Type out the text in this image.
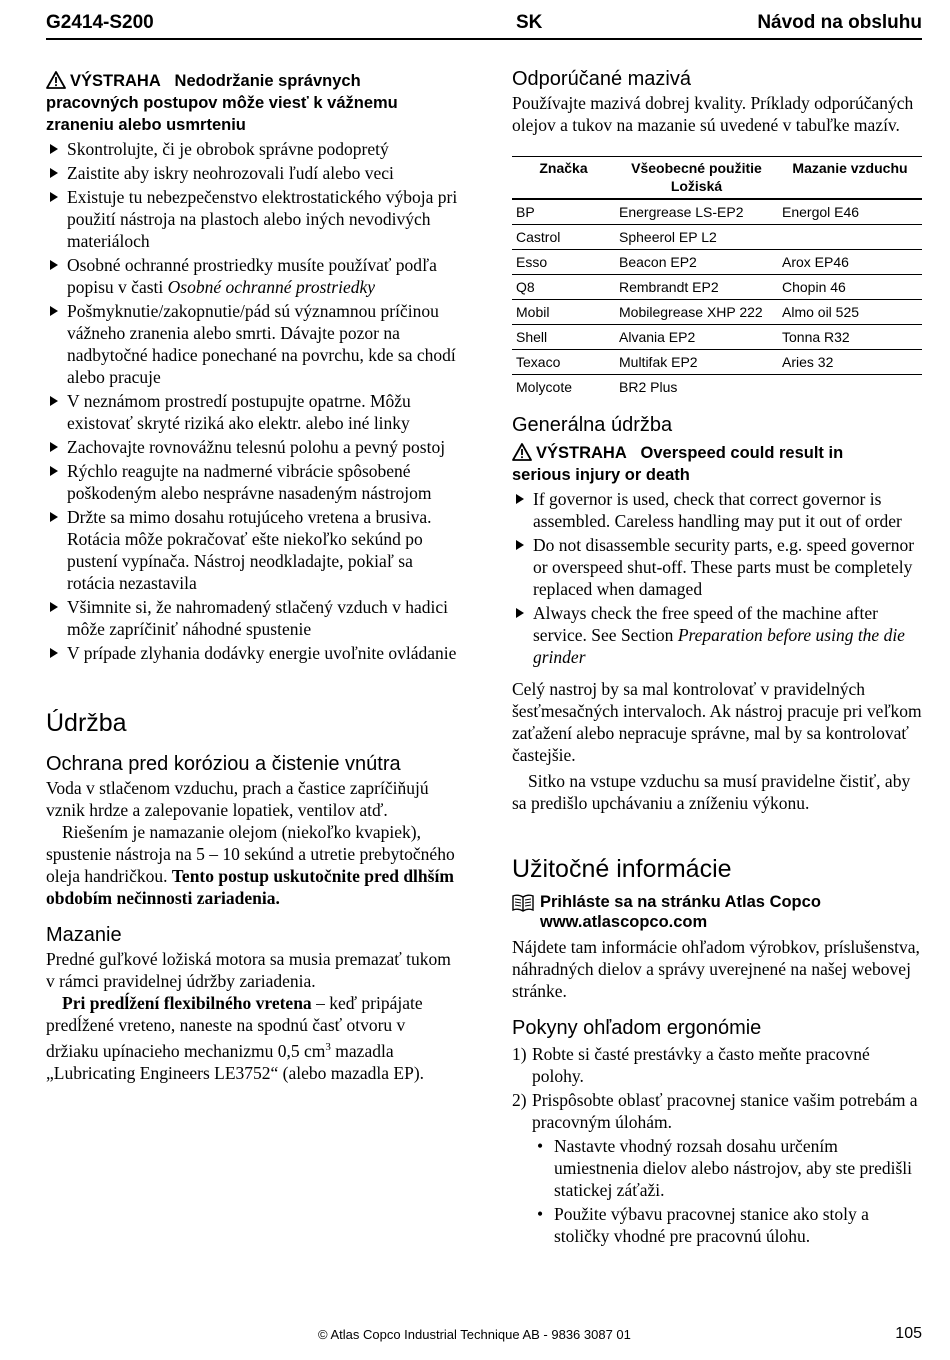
G2414-S200	SK	Návod na obsluhu
VÝSTRAHA Nedodržanie správnych
pracovných postupov môže viesť k vážnemu zraneniu alebo usmrteniu
Skontrolujte, či je obrobok správne podopretý
Zaistite aby iskry neohrozovali ľudí alebo veci
Existuje tu nebezpečenstvo elektrostatického výboja pri použití nástroja na plastoch alebo iných nevodivých materiáloch
Osobné ochranné prostriedky musíte používať podľa popisu v časti Osobné ochranné prostriedky
Pošmyknutie/zakopnutie/pád sú významnou príčinou vážneho zranenia alebo smrti. Dávajte pozor na nadbytočné hadice ponechané na povrchu, kde sa chodí alebo pracuje
V neznámom prostredí postupujte opatrne. Môžu existovať skryté riziká ako elektr. alebo iné linky
Zachovajte rovnovážnu telesnú polohu a pevný postoj
Rýchlo reagujte na nadmerné vibrácie spôsobené poškodeným alebo nesprávne nasadeným nástrojom
Držte sa mimo dosahu rotujúceho vretena a brusiva. Rotácia môže pokračovať ešte niekoľko sekúnd po pustení vypínača. Nástroj neodkladajte, pokiaľ sa rotácia nezastavila
Všimnite si, že nahromadený stlačený vzduch v hadici môže zapríčiniť náhodné spustenie
V prípade zlyhania dodávky energie uvoľnite ovládanie
Údržba
Ochrana pred koróziou a čistenie vnútra

Voda v stlačenom vzduchu, prach a častice zapríčiňujú vznik hrdze a zalepovanie lopatiek, ventilov atď.

Riešením je namazanie olejom (niekoľko kvapiek), spustenie nástroja na 5 – 10 sekúnd a utretie prebytočného oleja handričkou. Tento postup uskutočnite pred dlhším obdobím nečinnosti zariadenia.

Mazanie

Predné guľkové ložiská motora sa musia premazať tukom v rámci pravidelnej údržby zariadenia.

Pri predĺžení flexibilného vretena – keď pripájate predĺžené vreteno, naneste na spodnú časť otvoru v držiaku upínacieho mechanizmu 0,5 $cm^3$ mazadla „Lubricating Engineers LE3752“ (alebo mazadla EP).

Odporúčané mazivá

Používajte mazivá dobrej kvality. Príklady odporúčaných olejov a tukov na mazanie sú uvedené v tabuľke mazív.

Značka	Všeobecné použitie Ložiská	Mazanie vzduchu
BP	Energrease LS-EP2	Energol E46
Castrol	Spheerol EP L2	
Esso	Beacon EP2	Arox EP46
Q8	Rembrandt EP2	Chopin 46
Mobil	Mobilegrease XHP 222	Almo oil 525
Shell	Alvania EP2	Tonna R32
Texaco	Multifak EP2	Aries 32
Molycote	BR2 Plus	
Generálna údržba
VÝSTRAHA Overspeed could result in
serious injury or death
If governor is used, check that correct governor is assembled. Careless handling may put it out of order
Do not disassemble security parts, e.g. speed governor or overspeed shut-off. These parts must be completely replaced when damaged
Always check the free speed of the machine after service. See Section Preparation before using the die grinder

Celý nastroj by sa mal kontrolovať v pravidelných šesťmesačných intervaloch. Ak nástroj pracuje pri veľkom zaťažení alebo nepracuje správne, mal by sa kontrolovať častejšie.

Sitko na vstupe vzduchu sa musí pravidelne čistiť, aby sa predišlo upchávaniu a zníženiu výkonu.

Užitočné informácie
Prihláste sa na stránku Atlas Copco
www.atlascopco.com

Nájdete tam informácie ohľadom výrobkov, príslušenstva, náhradných dielov a správy uverejnené na našej webovej stránke.

Pokyny ohľadom ergonómie
1) Robte si časté prestávky a často meňte pracovné polohy.
2) Prispôsobte oblasť pracovnej stanice vašim potrebám a pracovným úlohám.
• Nastavte vhodný rozsah dosahu určením umiestnenia dielov alebo nástrojov, aby ste predišli statickej záťaži.
• Použite výbavu pracovnej stanice ako stoly a stoličky vhodné pre pracovnú úlohu.
© Atlas Copco Industrial Technique AB - 9836 3087 01	105
